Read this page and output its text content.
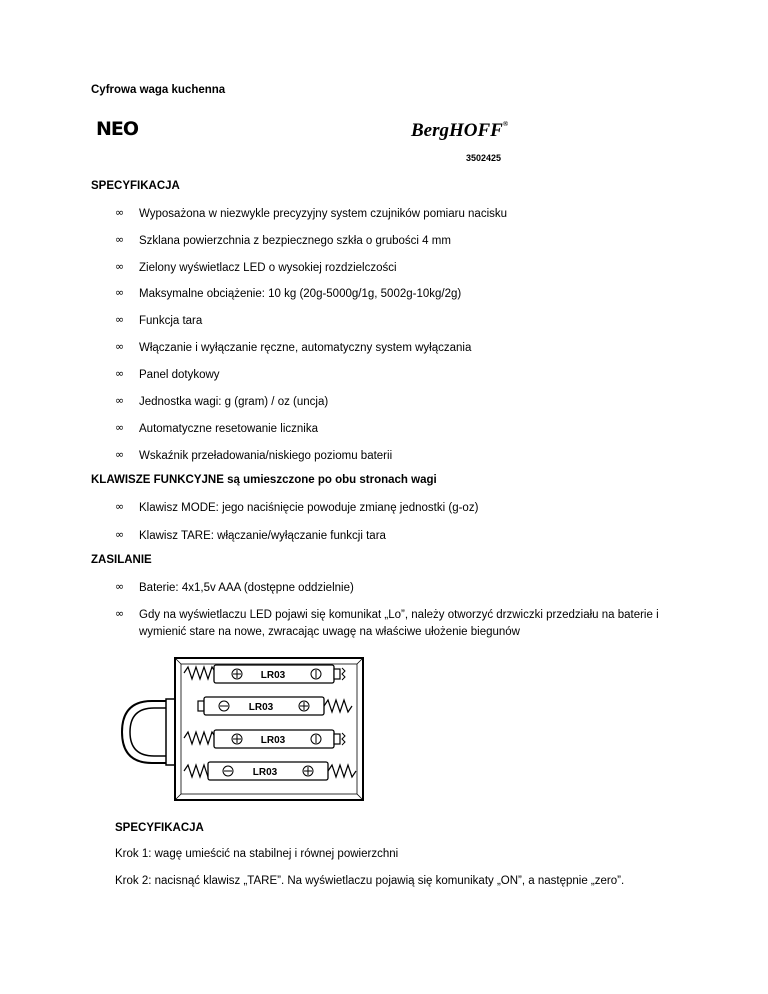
Cyfrowa waga kuchenna
NEO	BergHOFF®
3502425
SPECYFIKACJA
∞	Wyposażona w niezwykle precyzyjny system czujników pomiaru nacisku
∞	Szklana powierzchnia z bezpiecznego szkła o grubości 4 mm
∞	Zielony wyświetlacz LED o wysokiej rozdzielczości
∞	Maksymalne obciążenie: 10 kg (20g-5000g/1g, 5002g-10kg/2g)
∞	Funkcja tara
∞	Włączanie i wyłączanie ręczne, automatyczny system wyłączania
∞	Panel dotykowy
∞	Jednostka wagi: g (gram) / oz (uncja)
∞	Automatyczne resetowanie licznika
∞	Wskaźnik przeładowania/niskiego poziomu baterii
KLAWISZE FUNKCYJNE są umieszczone po obu stronach wagi
∞	Klawisz MODE: jego naciśnięcie powoduje zmianę jednostki (g-oz)
∞	Klawisz TARE: włączanie/wyłączanie funkcji tara
ZASILANIE
∞	Baterie: 4x1,5v AAA (dostępne oddzielnie)
∞	Gdy na wyświetlaczu LED pojawi się komunikat „Lo”, należy otworzyć drzwiczki przedziału na baterie i wymienić stare na nowe, zwracając uwagę na właściwe ułożenie biegunów
LR03
LR03
LR03
LR03
SPECYFIKACJA
Krok 1: wagę umieścić na stabilnej i równej powierzchni
Krok 2: nacisnąć klawisz „TARE”. Na wyświetlaczu pojawią się komunikaty „ON”, a następnie „zero”.
